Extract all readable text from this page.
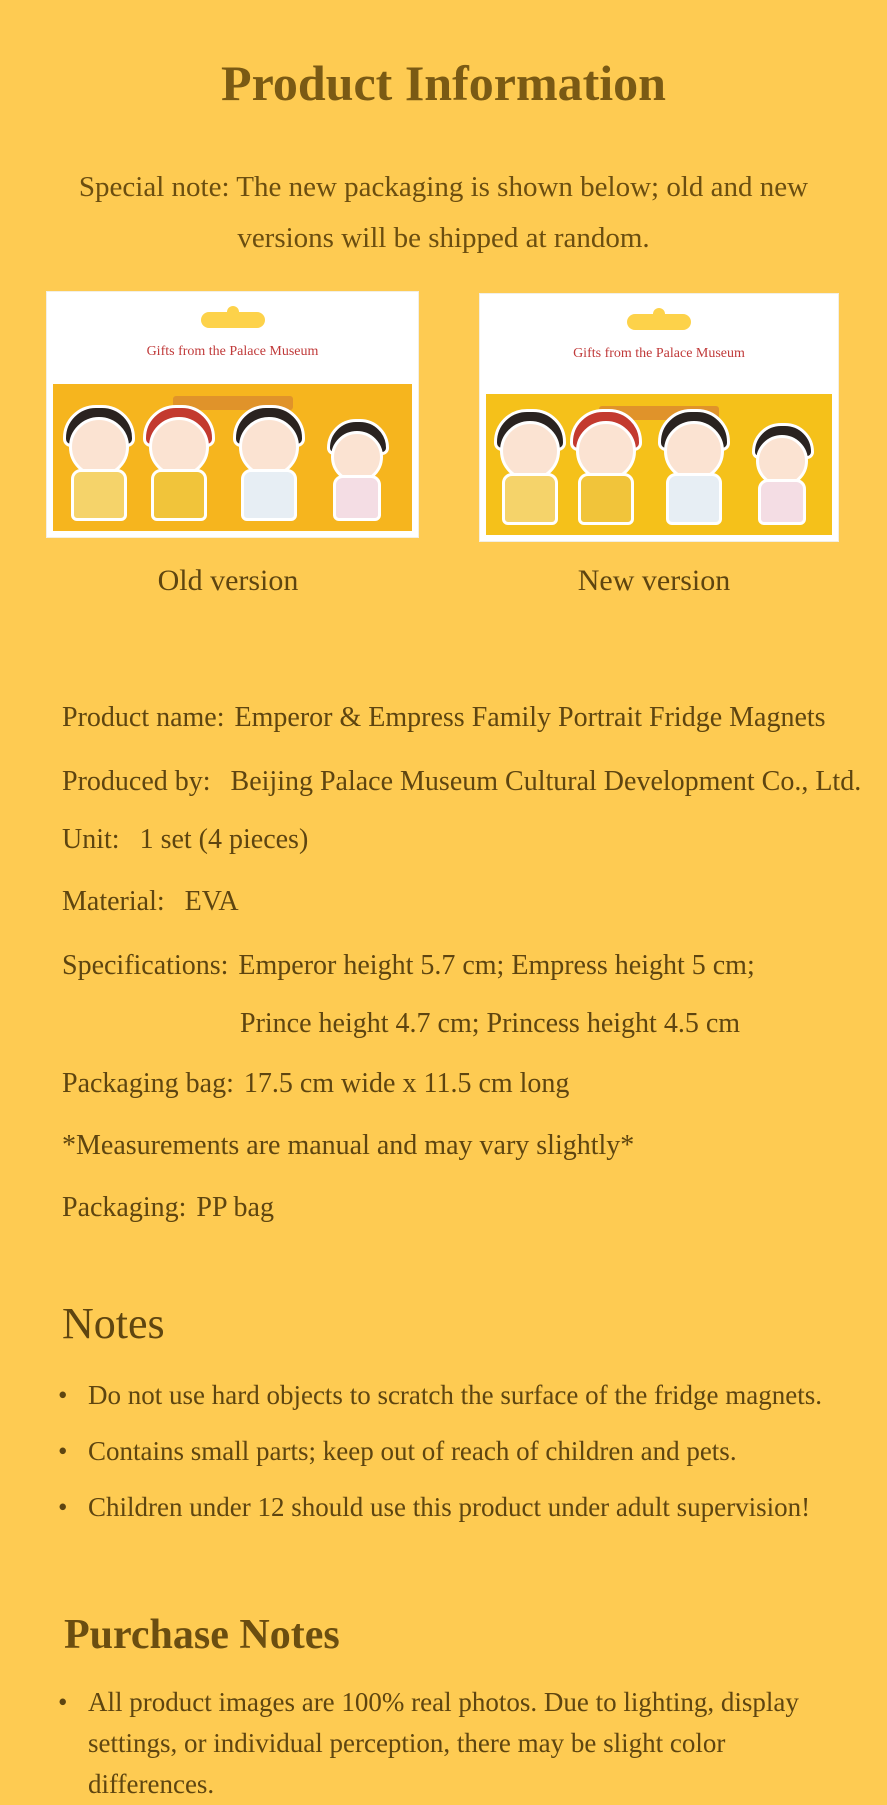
Product Information
Special note: The new packaging is shown below; old and new versions will be shipped at random.
Gifts from the Palace Museum	Gifts from the Palace Museum
Old version	New version
Product name: Emperor & Empress Family Portrait Fridge Magnets
Produced by: Beijing Palace Museum Cultural Development Co., Ltd.
Unit: 1 set (4 pieces)
Material: EVA
Specifications: Emperor height 5.7 cm; Empress height 5 cm;
Prince height 4.7 cm; Princess height 4.5 cm
Packaging bag: 17.5 cm wide x 11.5 cm long
*Measurements are manual and may vary slightly*
Packaging: PP bag
Notes
• Do not use hard objects to scratch the surface of the fridge magnets.
• Contains small parts; keep out of reach of children and pets.
• Children under 12 should use this product under adult supervision!
Purchase Notes
• All product images are 100% real photos. Due to lighting, display settings, or individual perception, there may be slight color differences.
